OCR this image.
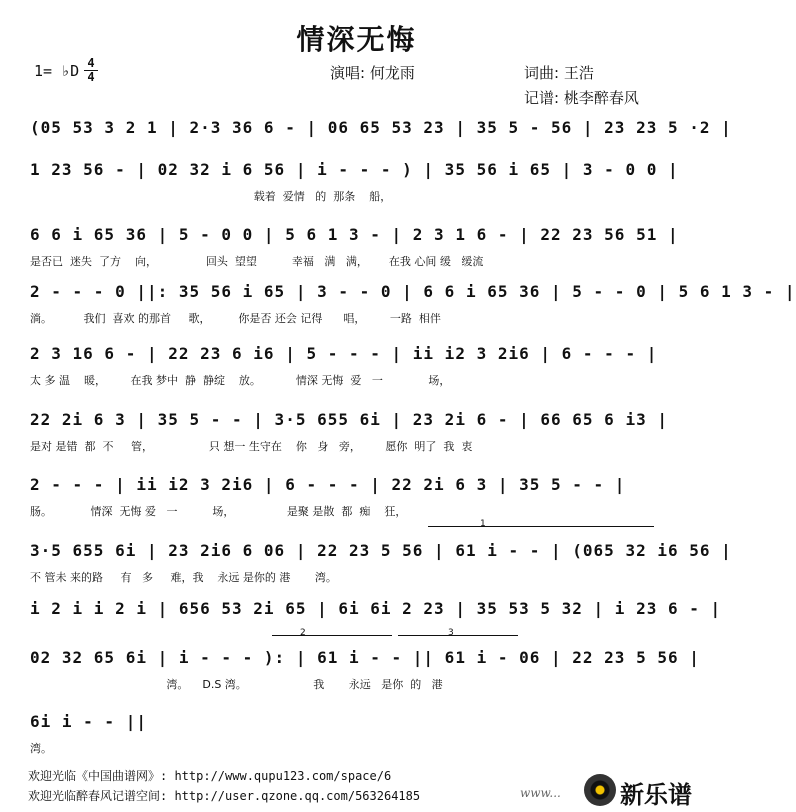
情深无悔
1= ♭D 4
4	演唱: 何龙雨	词曲: 王浩
记谱: 桃李醉春风
(05 53 3 2 1 | 2·3 36 6 - | 06 65 53 23 | 35 5 - 56 | 23 23 5 ·2 |
1 23 56 - | 02 32 i 6 56 | i - - - ) | 35 56 i 65 | 3 - 0 0 |
载着  爱情   的  那条    船，
6 6 i 65 36 | 5 - 0 0 | 5 6 1 3 - | 2 3 1 6 - | 22 23 56 51 |
是否已  迷失  了方    向，              回头  望望          幸福   满   满，      在我 心间 缓   缓流
2 - - - 0 ||: 35 56 i 65 | 3 - - 0 | 6 6 i 65 36 | 5 - - 0 | 5 6 1 3 - |
淌。         我们  喜欢 的那首     歌，        你是否 还会 记得      唱，       一路  相伴
2 3 16 6 - | 22 23 6 i6 | 5 - - - | ii i2 3 2i6 | 6 - - - |
太 多 温    暖，       在我 梦中  静  静绽    放。          情深 无悔  爱   一             场，
22 2i 6 3 | 35 5 - - | 3·5 655 6i | 23 2i 6 - | 66 65 6 i3 |
是对 是错  都  不     管，                只 想一 生守在    你   身   旁，       愿你  明了  我  衷
2 - - - | ii i2 3 2i6 | 6 - - - | 22 2i 6 3 | 35 5 - - |
肠。           情深  无悔 爱   一          场，               是聚 是散  都  痴    狂，
3·5 655 6i | 23 2i6 6 06 | 22 23 5 56 | 61 i - - | (065 32 i6 56 |
不 管未 来的路     有   多     难，我    永远 是你的 港       湾。
i 2 i i 2 i | 656 53 2i 65 | 6i 6i 2 23 | 35 53 5 32 | i 23 6 - |
02 32 65 6i | i - - - ): | 61 i - - || 61 i - 06 | 22 23 5 56 |
湾。    D.S 湾。                   我       永远   是你  的   港
6i i - - ||
湾。
1
2	3
欢迎光临《中国曲谱网》: http://www.qupu123.com/space/6
欢迎光临醉春风记谱空间: http://user.qzone.qq.com/563264185	www... 新乐谱
